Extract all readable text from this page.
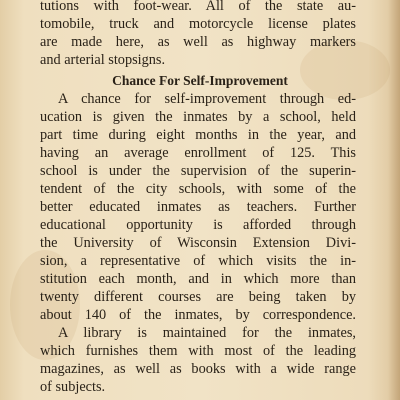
tutions with foot-wear. All of the state au-
tomobile, truck and motorcycle license plates
are made here, as well as highway markers
and arterial stopsigns.
Chance For Self-Improvement
A chance for self-improvement through ed-
ucation is given the inmates by a school, held
part time during eight months in the year, and
having an average enrollment of 125. This
school is under the supervision of the superin-
tendent of the city schools, with some of the
better educated inmates as teachers. Further
educational opportunity is afforded through
the University of Wisconsin Extension Divi-
sion, a representative of which visits the in-
stitution each month, and in which more than
twenty different courses are being taken by
about 140 of the inmates, by correspondence.
A library is maintained for the inmates,
which furnishes them with most of the leading
magazines, as well as books with a wide range
of subjects.
